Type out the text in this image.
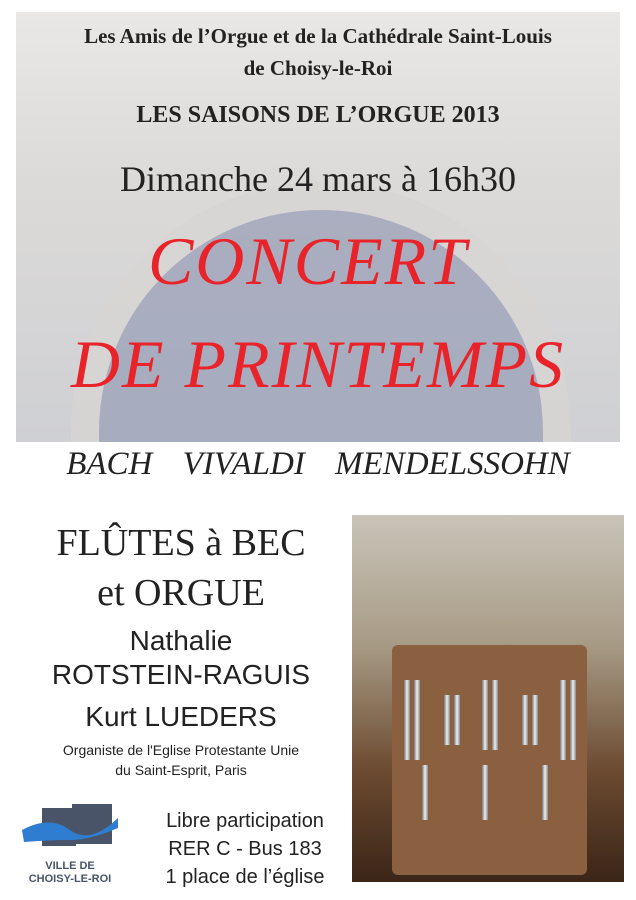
Les Amis de l’Orgue et de la Cathédrale Saint-Louis
de Choisy-le-Roi
LES SAISONS DE L’ORGUE 2013
Dimanche 24 mars à 16h30
CONCERT
DE PRINTEMPS
BACH VIVALDI MENDELSSOHN
FLÛTES à BEC
et ORGUE
Nathalie
ROTSTEIN-RAGUIS
Kurt LUEDERS
Organiste de l'Eglise Protestante Unie
du Saint-Esprit, Paris
VILLE DE
CHOISY-LE-ROI
Libre participation
RER C - Bus 183
1 place de l’église
